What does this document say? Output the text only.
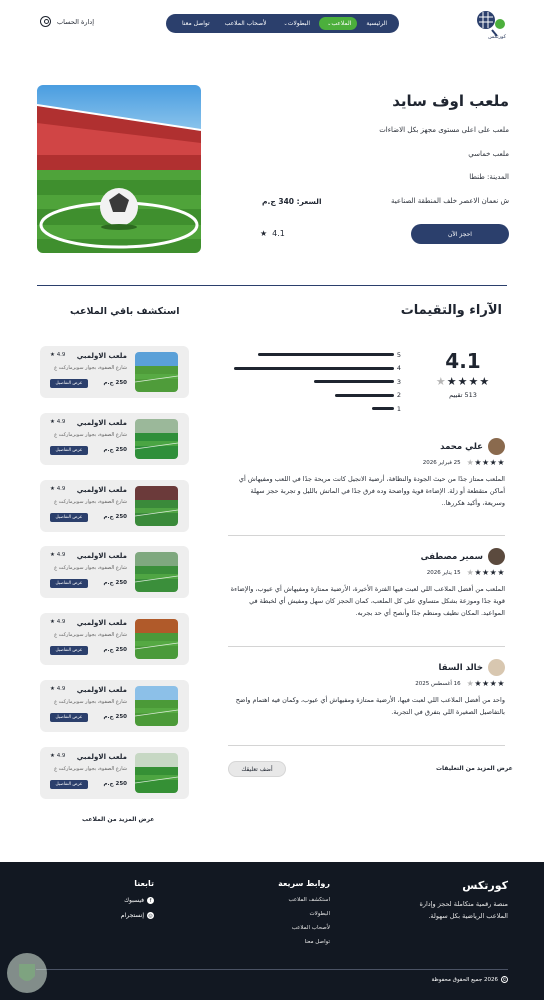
كورتكس
الرئيسية
الملاعب
⌄
البطولات
⌄
لأصحاب الملاعب
تواصل معنا
إدارة الحساب
ملعب اوف سايد
ملعب على اعلى مستوى مجهز بكل الاضاءات
ملعب خماسي
المدينة: طنطا
ش نعمان الاعصر خلف المنطقة الصناعية
السعر: 340 ج.م
احجز الآن
★ 4.1
الآراء والتقيمات
4.1
★★★★★
513 تقييم
5
4
3
2
1
علي محمد
★★★★★
25 فبراير 2026
الملعب ممتاز جدًا من حيث الجودة والنظافة، أرضية الانجيل كانت مريحة جدًا في اللعب ومفيهاش أي أماكن متقطعة أو زلة. الإضاءة قوية وواضحة وده فرق جدًا في الماتش بالليل و تجربة حجز سهلة وسريعة، وأكيد هكررها..
سمير مصطفى
★★★★★
15 يناير 2026
الملعب من أفضل الملاعب اللي لعبت فيها الفترة الأخيرة، الأرضية ممتازة ومفيهاش أي عيوب، والإضاءة قوية جدًا وموزعة بشكل متساوي على كل الملعب، كمان الحجز كان سهل ومفيش أي لخبطة في المواعيد. المكان نظيف ومنظم جدًا وأنصح أي حد بجربه.
خالد السقا
★★★★★
16 أغسطس 2025
واحد من أفضل الملاعب اللي لعبت فيها، الأرضية ممتازة ومفيهاش أي عيوب، وكمان فيه اهتمام واضح بالتفاصيل الصغيرة اللي بتفرق في التجربة.
عرض المزيد من التعليقات
أضف تعليقك
استكشف باقي الملاعب
ملعب الاولمبي
★ 4.9
شارع الصفوة، بجوار سوبرماركت ع
250 ج.م
عرض التفاصيل
ملعب الاولمبي
★ 4.9
شارع الصفوة، بجوار سوبرماركت ع
250 ج.م
عرض التفاصيل
ملعب الاولمبي
★ 4.9
شارع الصفوة، بجوار سوبرماركت ع
250 ج.م
عرض التفاصيل
ملعب الاولمبي
★ 4.9
شارع الصفوة، بجوار سوبرماركت ع
250 ج.م
عرض التفاصيل
ملعب الاولمبي
★ 4.9
شارع الصفوة، بجوار سوبرماركت ع
250 ج.م
عرض التفاصيل
ملعب الاولمبي
★ 4.9
شارع الصفوة، بجوار سوبرماركت ع
250 ج.م
عرض التفاصيل
ملعب الاولمبي
★ 4.9
شارع الصفوة، بجوار سوبرماركت ع
250 ج.م
عرض التفاصيل
عرض المزيد من الملاعب
كورتكس
منصة رقمية متكاملة لحجز وإدارة الملاعب الرياضية بكل سهولة.
روابط سريعة
استكشف الملاعب
البطولات
لأصحاب الملاعب
تواصل معنا
تابعنا
f
فيسبوك
◎
إنستجرام
©
2026 جميع الحقوق محفوظة
